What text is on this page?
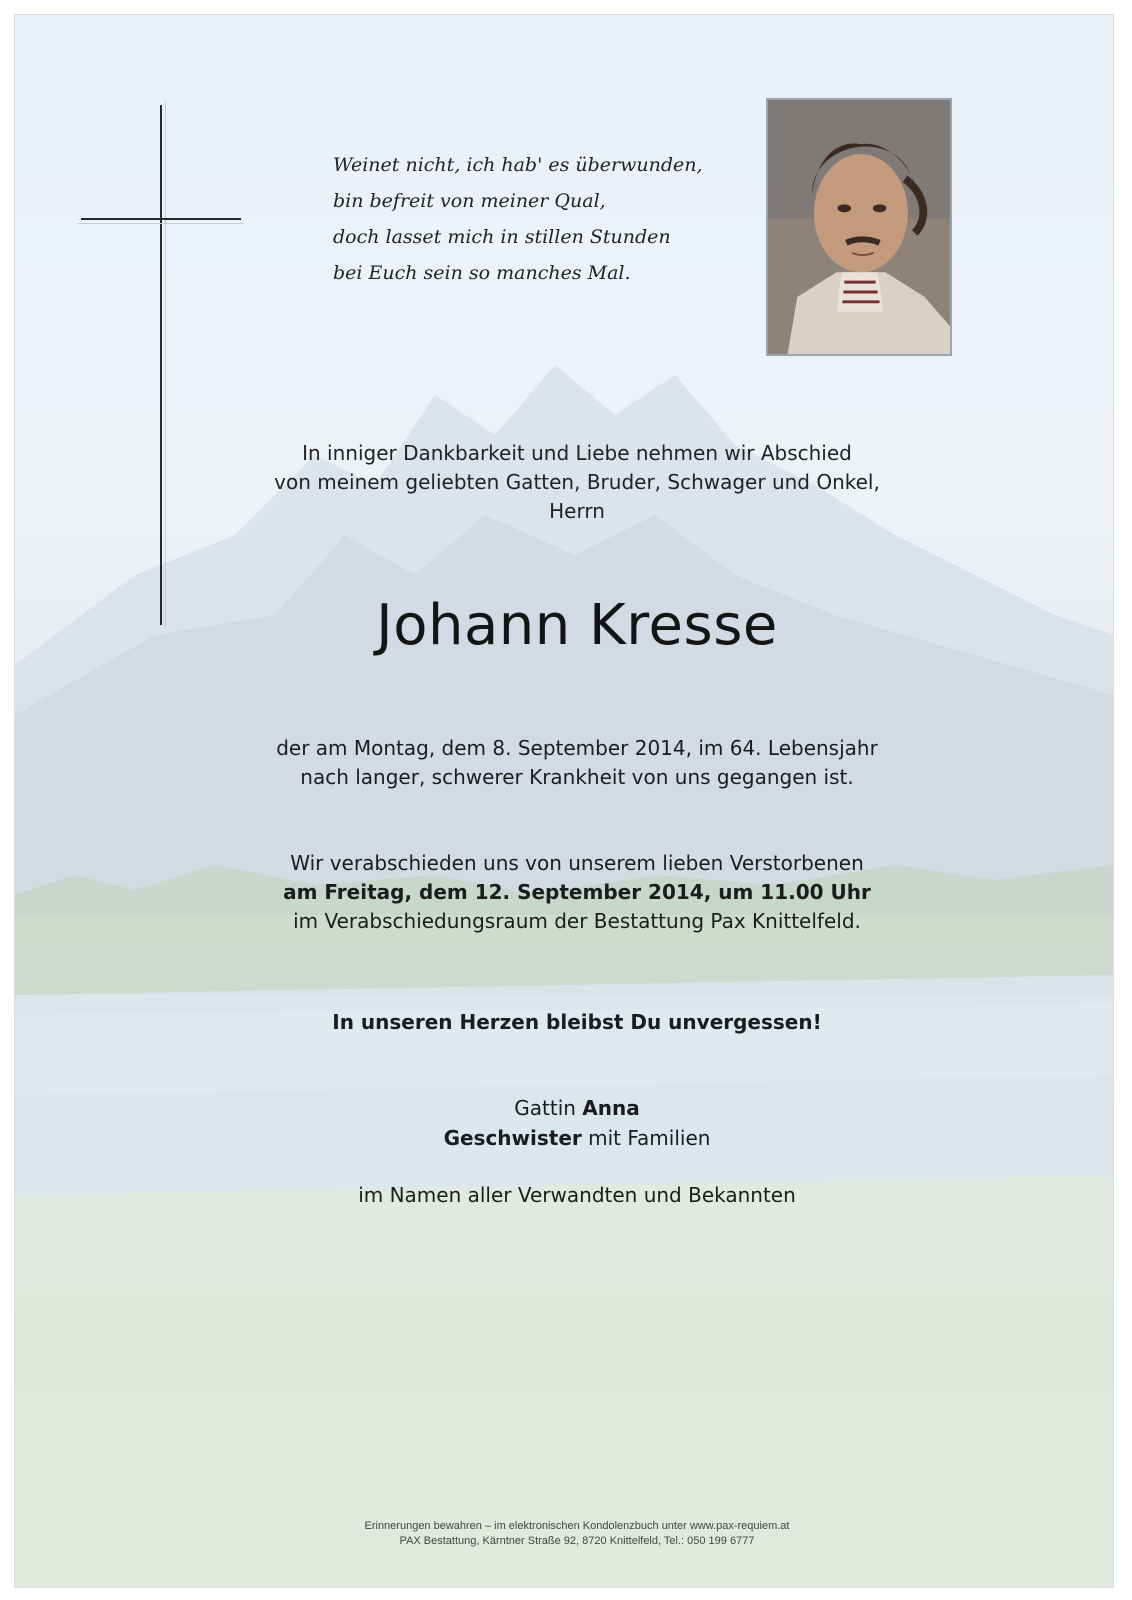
Weinet nicht, ich hab' es überwunden,
bin befreit von meiner Qual,
doch lasset mich in stillen Stunden
bei Euch sein so manches Mal.
In inniger Dankbarkeit und Liebe nehmen wir Abschied
von meinem geliebten Gatten, Bruder, Schwager und Onkel,
Herrn
Johann Kresse
der am Montag, dem 8. September 2014, im 64. Lebensjahr
nach langer, schwerer Krankheit von uns gegangen ist.
Wir verabschieden uns von unserem lieben Verstorbenen
am Freitag, dem 12. September 2014, um 11.00 Uhr
im Verabschiedungsraum der Bestattung Pax Knittelfeld.
In unseren Herzen bleibst Du unvergessen!
Gattin Anna
Geschwister mit Familien
im Namen aller Verwandten und Bekannten
Erinnerungen bewahren – im elektronischen Kondolenzbuch unter www.pax-requiem.at
PAX Bestattung, Kärntner Straße 92, 8720 Knittelfeld, Tel.: 050 199 6777
